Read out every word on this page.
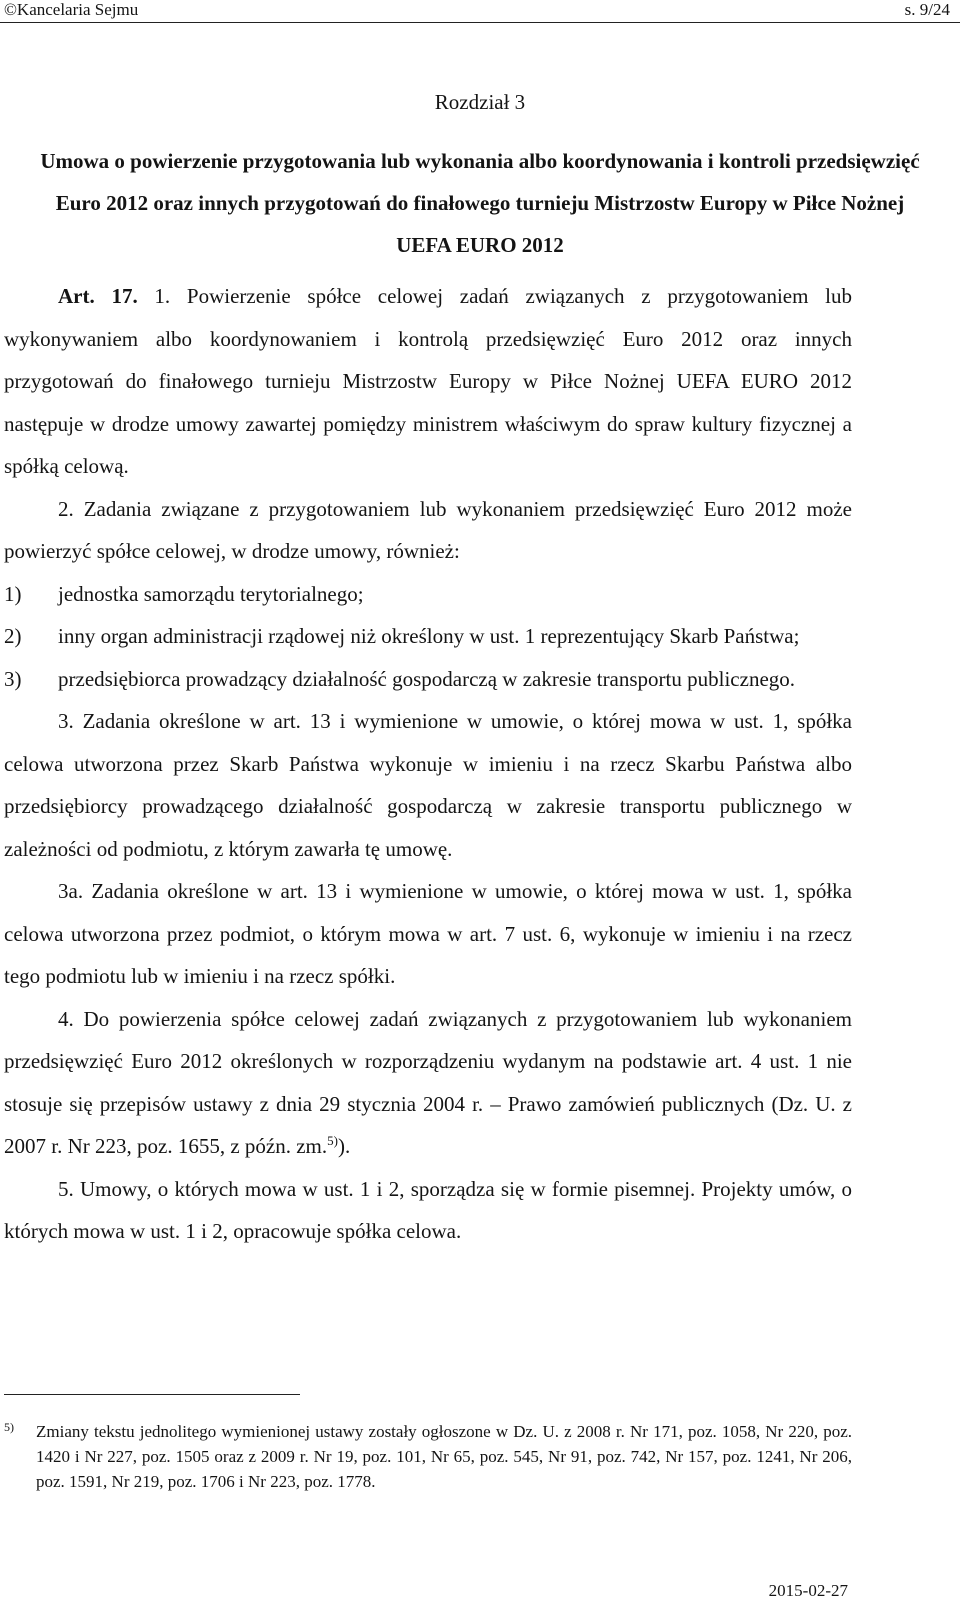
©Kancelaria Sejmu	s. 9/24
Rozdział 3
Umowa o powierzenie przygotowania lub wykonania albo koordynowania i kontroli przedsięwzięć Euro 2012 oraz innych przygotowań do finałowego turnieju Mistrzostw Europy w Piłce Nożnej UEFA EURO 2012

Art. 17. 1. Powierzenie spółce celowej zadań związanych z przygotowaniem lub wykonywaniem albo koordynowaniem i kontrolą przedsięwzięć Euro 2012 oraz innych przygotowań do finałowego turnieju Mistrzostw Europy w Piłce Nożnej UEFA EURO 2012 następuje w drodze umowy zawartej pomiędzy ministrem właściwym do spraw kultury fizycznej a spółką celową.

2. Zadania związane z przygotowaniem lub wykonaniem przedsięwzięć Euro 2012 może powierzyć spółce celowej, w drodze umowy, również:

1)	jednostka samorządu terytorialnego;
2)	inny organ administracji rządowej niż określony w ust. 1 reprezentujący Skarb Państwa;
3)	przedsiębiorca prowadzący działalność gospodarczą w zakresie transportu publicznego.

3. Zadania określone w art. 13 i wymienione w umowie, o której mowa w ust. 1, spółka celowa utworzona przez Skarb Państwa wykonuje w imieniu i na rzecz Skarbu Państwa albo przedsiębiorcy prowadzącego działalność gospodarczą w zakresie transportu publicznego w zależności od podmiotu, z którym zawarła tę umowę.

3a. Zadania określone w art. 13 i wymienione w umowie, o której mowa w ust. 1, spółka celowa utworzona przez podmiot, o którym mowa w art. 7 ust. 6, wykonuje w imieniu i na rzecz tego podmiotu lub w imieniu i na rzecz spółki.

4. Do powierzenia spółce celowej zadań związanych z przygotowaniem lub wykonaniem przedsięwzięć Euro 2012 określonych w rozporządzeniu wydanym na podstawie art. 4 ust. 1 nie stosuje się przepisów ustawy z dnia 29 stycznia 2004 r. – Prawo zamówień publicznych (Dz. U. z 2007 r. Nr 223, poz. 1655, z późn. zm.$^{5)}$).

5. Umowy, o których mowa w ust. 1 i 2, sporządza się w formie pisemnej. Projekty umów, o których mowa w ust. 1 i 2, opracowuje spółka celowa.

5)	Zmiany tekstu jednolitego wymienionej ustawy zostały ogłoszone w Dz. U. z 2008 r. Nr 171, poz. 1058, Nr 220, poz. 1420 i Nr 227, poz. 1505 oraz z 2009 r. Nr 19, poz. 101, Nr 65, poz. 545, Nr 91, poz. 742, Nr 157, poz. 1241, Nr 206, poz. 1591, Nr 219, poz. 1706 i Nr 223, poz. 1778.
2015-02-27
